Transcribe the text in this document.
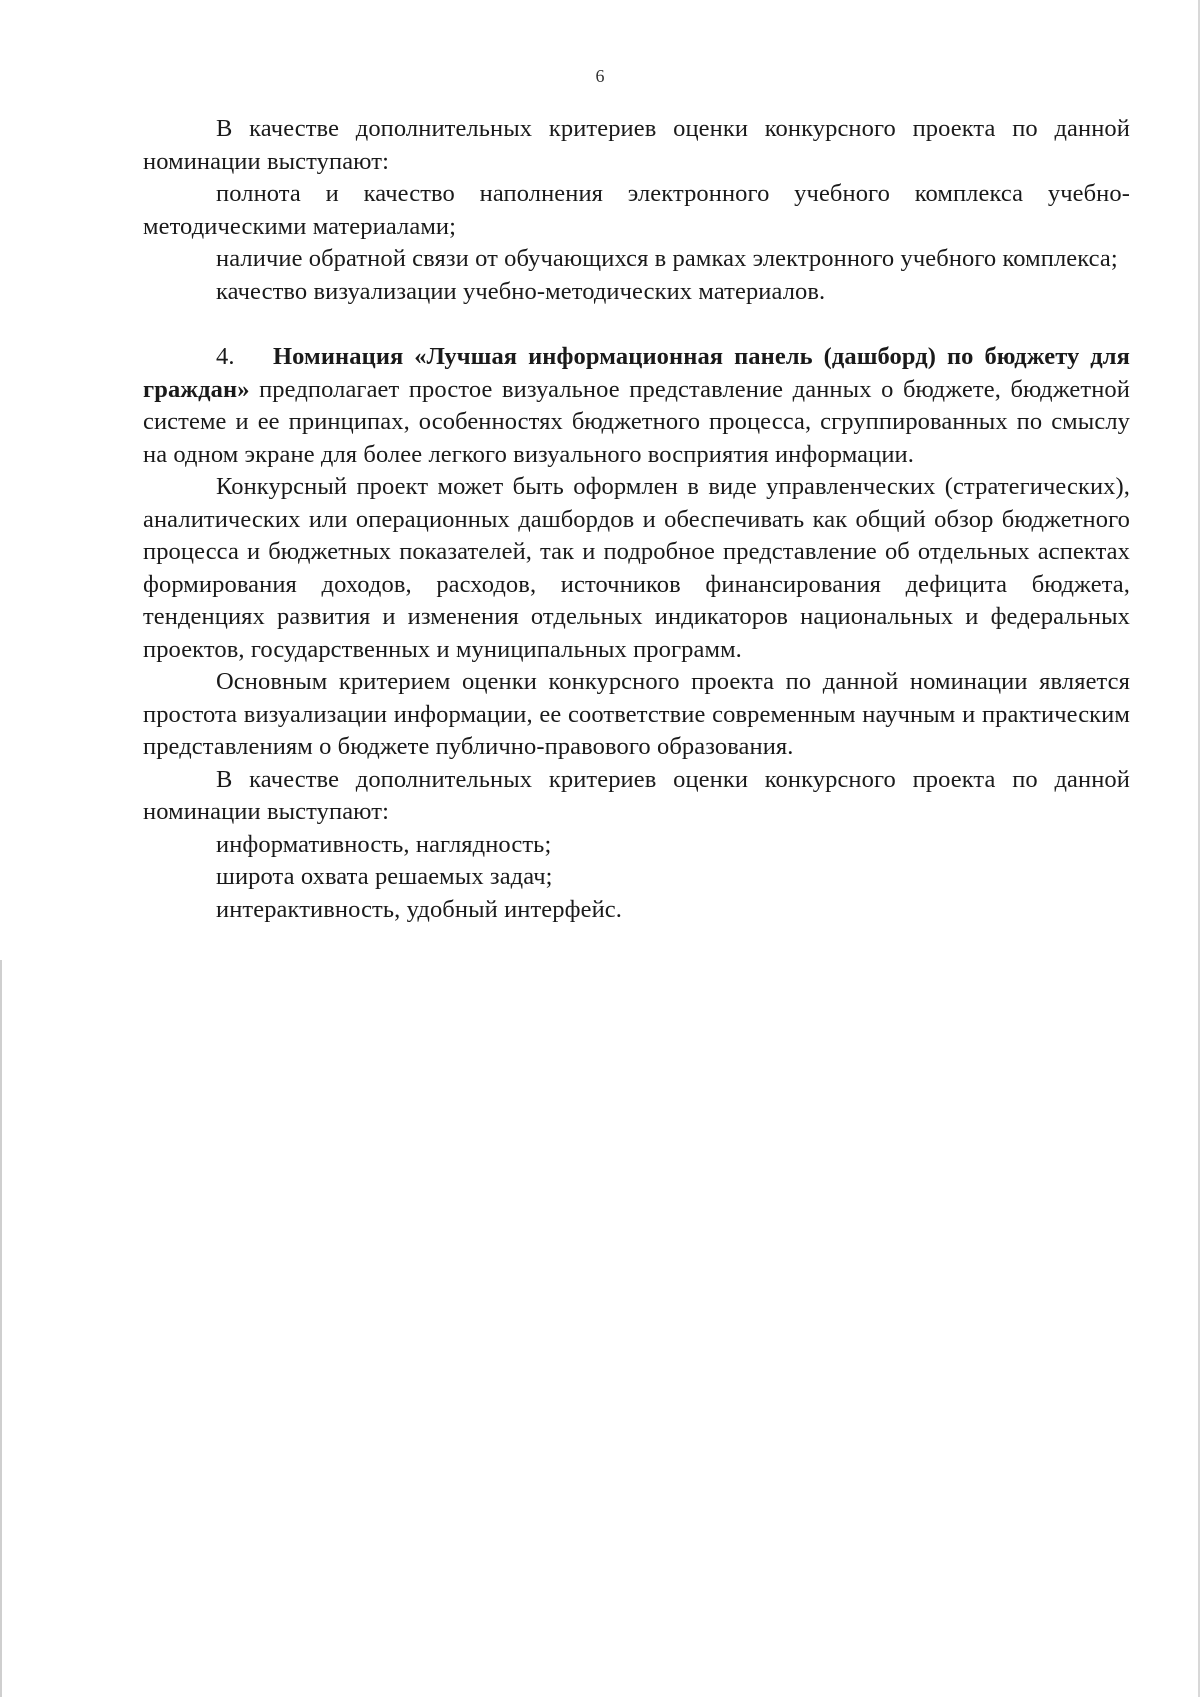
6

В качестве дополнительных критериев оценки конкурсного проекта по данной номинации выступают:

полнота и качество наполнения электронного учебного комплекса учебно-методическими материалами;

наличие обратной связи от обучающихся в рамках электронного учебного комплекса;

качество визуализации учебно-методических материалов.

4. Номинация «Лучшая информационная панель (дашборд) по бюджету для граждан» предполагает простое визуальное представление данных о бюджете, бюджетной системе и ее принципах, особенностях бюджетного процесса, сгруппированных по смыслу на одном экране для более легкого визуального восприятия информации.

Конкурсный проект может быть оформлен в виде управленческих (стратегических), аналитических или операционных дашбордов и обеспечивать как общий обзор бюджетного процесса и бюджетных показателей, так и подробное представление об отдельных аспектах формирования доходов, расходов, источников финансирования дефицита бюджета, тенденциях развития и изменения отдельных индикаторов национальных и федеральных проектов, государственных и муниципальных программ.

Основным критерием оценки конкурсного проекта по данной номинации является простота визуализации информации, ее соответствие современным научным и практическим представлениям о бюджете публично-правового образования.

В качестве дополнительных критериев оценки конкурсного проекта по данной номинации выступают:

информативность, наглядность;

широта охвата решаемых задач;

интерактивность, удобный интерфейс.
